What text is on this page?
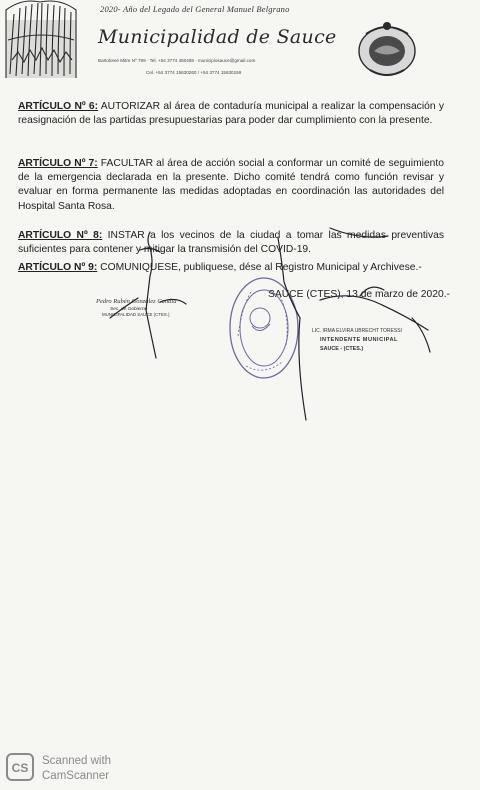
2020- Año del Legado del General Manuel Belgrano
Municipalidad de Sauce
Bartolomé Mitre Nº 799 · Tel. +54 3774 480488 · municipiosauce@gmail.com
Cel. +54 3774 15630260 / +54 3774 15630159
ARTÍCULO Nº 6: AUTORIZAR al área de contaduría municipal a realizar la compensación y reasignación de las partidas presupuestarias para poder dar cumplimiento con la presente.
ARTÍCULO Nº 7: FACULTAR al área de acción social a conformar un comité de seguimiento de la emergencia declarada en la presente. Dicho comité tendrá como función revisar y evaluar en forma permanente las medidas adoptadas en coordinación las autoridades del Hospital Santa Rosa.
ARTÍCULO Nº 8: INSTAR a los vecinos de la ciudad a tomar las medidas preventivas suficientes para contener y mitigar la transmisión del COVID-19.
ARTÍCULO Nº 9: COMUNIQUESE, publiquese, dése al Registro Municipal y Archivese.-
SAUCE (CTES), 13 de marzo de 2020.-
Pedro Rubén Gonzalez Candia
Sec. de Gobierno
MUNICIPALIDAD SAUCE (CTES.)
LIC. IRMA ELVIRA UBRECHT TORESSI
INTENDENTE MUNICIPAL
SAUCE - (CTES.)
CS Scanned with
CamScanner
